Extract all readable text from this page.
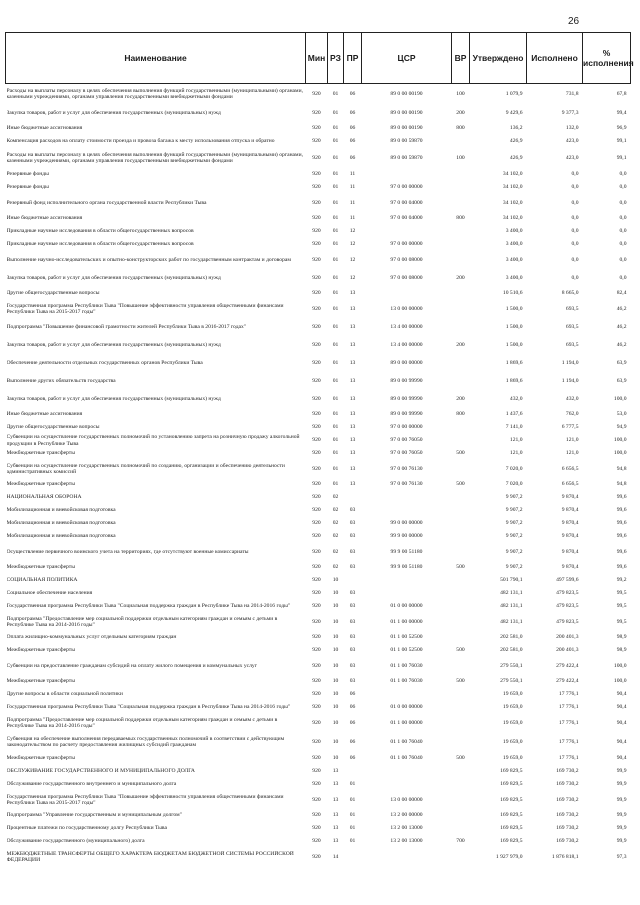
26
Наименование	Мин	РЗ	ПР	ЦСР	ВР	Утверждено	Исполнено	% исполнения

Расходы на выплаты персоналу в целях обеспечения выполнения функций государственными (муниципальными) органами, казенными учреждениями, органами управления государственными внебюджетными фондами	920	01	06	89 0 00 00190	100	1 079,9	731,8	67,8

Закупка товаров, работ и услуг для обеспечения государственных (муниципальных) нужд	920	01	06	89 0 00 00190	200	9 429,6	9 377,3	99,4

Иные бюджетные ассигнования	920	01	06	89 0 00 00190	800	136,2	132,0	96,9

Компенсация расходов на оплату стоимости проезда и провоза багажа к месту использования отпуска и обратно	920	01	06	89 0 00 59870		426,9	423,0	99,1

Расходы на выплаты персоналу в целях обеспечения выполнения функций государственными (муниципальными) органами, казенными учреждениями, органами управления государственными внебюджетными фондами	920	01	06	89 0 00 59870	100	426,9	423,0	99,1

Резервные фонды	920	01	11			34 102,0	0,0	0,0

Резервные фонды	920	01	11	97 0 00 00000		34 102,0	0,0	0,0

Резервный фонд исполнительного органа государственной власти Республики Тыва	920	01	11	97 0 00 04000		34 102,0	0,0	0,0

Иные бюджетные ассигнования	920	01	11	97 0 00 04000	800	34 102,0	0,0	0,0

Прикладные научные исследования в области общегосударственных вопросов	920	01	12			3 400,0	0,0	0,0

Прикладные научные исследования в области общегосударственных вопросов	920	01	12	97 0 00 00000		3 400,0	0,0	0,0

Выполнение научно-исследовательских и опытно-конструкторских работ по государственным контрактам и договорам	920	01	12	97 0 00 08000		3 400,0	0,0	0,0

Закупка товаров, работ и услуг для обеспечения государственных (муниципальных) нужд	920	01	12	97 0 00 08000	200	3 400,0	0,0	0,0

Другие общегосударственные вопросы	920	01	13			10 510,6	8 665,0	82,4

Государственная программа Республики Тыва "Повышение эффективности управления общественными финансами Республики Тыва на 2015-2017 годы"	920	01	13	13 0 00 00000		1 500,0	693,5	46,2

Подпрограмма "Повышение финансовой грамотности жителей Республики Тыва в 2016-2017 годах"	920	01	13	13 4 00 00000		1 500,0	693,5	46,2

Закупка товаров, работ и услуг для обеспечения государственных (муниципальных) нужд	920	01	13	13 4 00 00000	200	1 500,0	693,5	46,2

Обеспечение деятельности отдельных государственных органов Республики Тыва	920	01	13	89 0 00 00000		1 869,6	1 194,0	63,9

Выполнение других обязательств государства	920	01	13	89 0 00 99990		1 869,6	1 194,0	63,9

Закупка товаров, работ и услуг для обеспечения государственных (муниципальных) нужд	920	01	13	89 0 00 99990	200	432,0	432,0	100,0

Иные бюджетные ассигнования	920	01	13	89 0 00 99990	800	1 437,6	762,0	53,0

Другие общегосударственные вопросы	920	01	13	97 0 00 00000		7 141,0	6 777,5	94,9

Субвенции на осуществление государственных полномочий по установлению запрета на розничную продажу алкогольной продукции в Республике Тыва	920	01	13	97 0 00 76050		121,0	121,0	100,0

Межбюджетные трансферты	920	01	13	97 0 00 76050	500	121,0	121,0	100,0

Субвенции на осуществление государственных полномочий по созданию, организации и обеспечению деятельности административных комиссий	920	01	13	97 0 00 76130		7 020,0	6 656,5	94,8

Межбюджетные трансферты	920	01	13	97 0 00 76130	500	7 020,0	6 656,5	94,8

НАЦИОНАЛЬНАЯ ОБОРОНА	920	02				9 907,2	9 870,4	99,6

Мобилизационная и вневойсковая подготовка	920	02	03			9 907,2	9 870,4	99,6

Мобилизационная и вневойсковая подготовка	920	02	03	99 0 00 00000		9 907,2	9 870,4	99,6

Мобилизационная и вневойсковая подготовка	920	02	03	99 9 00 00000		9 907,2	9 870,4	99,6

Осуществление первичного воинского учета на территориях, где отсутствуют военные комиссариаты	920	02	03	99 9 00 51180		9 907,2	9 870,4	99,6

Межбюджетные трансферты	920	02	03	99 9 00 51180	500	9 907,2	9 870,4	99,6

СОЦИАЛЬНАЯ ПОЛИТИКА	920	10				501 790,1	497 599,6	99,2

Социальное обеспечение населения	920	10	03			482 131,1	479 823,5	99,5

Государственная программа Республики Тыва "Социальная поддержка граждан в Республике Тыва на 2014-2016 годы"	920	10	03	01 0 00 00000		482 131,1	479 823,5	99,5

Подпрограмма "Предоставление мер социальной поддержки отдельным категориям граждан и семьям с детьми в Республике Тыва на 2014-2016 годы"	920	10	03	01 1 00 00000		482 131,1	479 823,5	99,5

Оплата жилищно-коммунальных услуг отдельным категориям граждан	920	10	03	01 1 00 52500		202 581,0	200 401,3	98,9

Межбюджетные трансферты	920	10	03	01 1 00 52500	500	202 581,0	200 401,3	98,9

Субвенции на предоставление гражданам субсидий на оплату жилого помещения и коммунальных услуг	920	10	03	01 1 00 76030		279 550,1	279 422,4	100,0

Межбюджетные трансферты	920	10	03	01 1 00 76030	500	279 550,1	279 422,4	100,0

Другие вопросы в области социальной политики	920	10	06			19 659,0	17 776,1	90,4

Государственная программа Республики Тыва "Социальная поддержка граждан в Республике Тыва на 2014-2016 годы"	920	10	06	01 0 00 00000		19 659,0	17 776,1	90,4

Подпрограмма "Предоставление мер социальной поддержки отдельным категориям граждан и семьям с детьми в Республике Тыва на 2014-2016 годы"	920	10	06	01 1 00 00000		19 659,0	17 776,1	90,4

Субвенция на обеспечение выполнения передаваемых государственных полномочий в соответствии с действующим законодательством по расчету предоставления жилищных субсидий гражданам	920	10	06	01 1 00 76040		19 659,0	17 776,1	90,4

Межбюджетные трансферты	920	10	06	01 1 00 76040	500	19 659,0	17 776,1	90,4

ОБСЛУЖИВАНИЕ ГОСУДАРСТВЕННОГО И МУНИЦИПАЛЬНОГО ДОЛГА	920	13				169 829,5	169 730,2	99,9

Обслуживание государственного внутреннего и муниципального долга	920	13	01			169 829,5	169 730,2	99,9

Государственная программа Республики Тыва "Повышение эффективности управления общественными финансами Республики Тыва на 2015-2017 годы"	920	13	01	13 0 00 00000		169 829,5	169 730,2	99,9

Подпрограмма "Управление государственным и муниципальным долгом"	920	13	01	13 2 00 00000		169 829,5	169 730,2	99,9

Процентные платежи по государственному долгу Республики Тыва	920	13	01	13 2 00 13000		169 829,5	169 730,2	99,9

Обслуживание государственного (муниципального) долга	920	13	01	13 2 00 13000	700	169 829,5	169 730,2	99,9

МЕЖБЮДЖЕТНЫЕ ТРАНСФЕРТЫ ОБЩЕГО ХАРАКТЕРА БЮДЖЕТАМ БЮДЖЕТНОЙ СИСТЕМЫ РОССИЙСКОЙ ФЕДЕРАЦИИ	920	14				1 927 979,0	1 876 818,1	97,3
